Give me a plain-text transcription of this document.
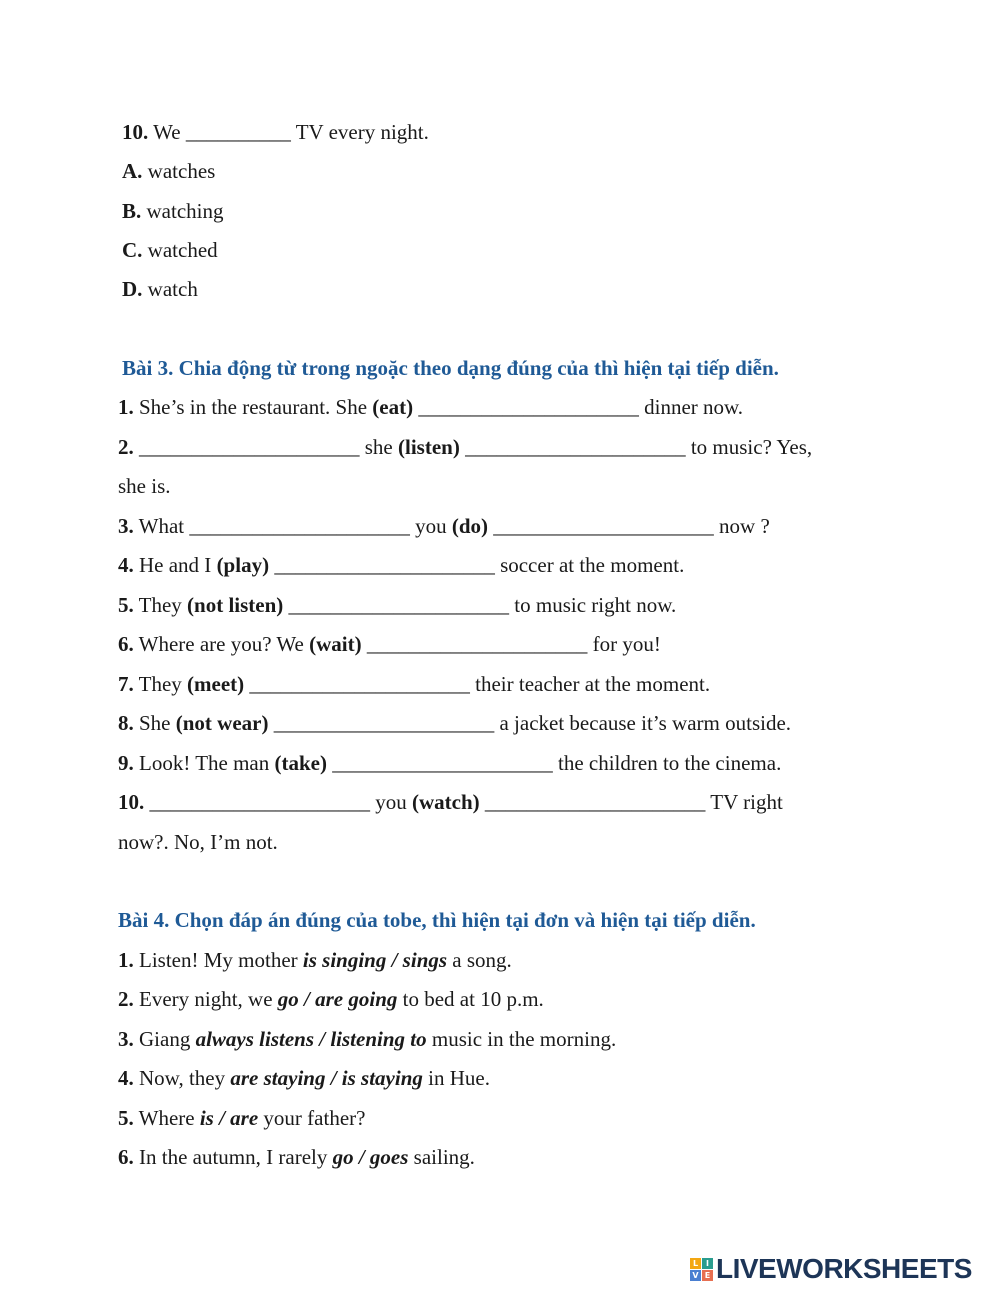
10. We __________ TV every night.
A. watches
B. watching
C. watched
D. watch
Bài 3. Chia động từ trong ngoặc theo dạng đúng của thì hiện tại tiếp diễn.
1. She’s in the restaurant. She (eat) _____________________ dinner now.
2. _____________________ she (listen) _____________________ to music? Yes,
she is.
3. What _____________________ you (do) _____________________ now ?
4. He and I (play) _____________________ soccer at the moment.
5. They (not listen) _____________________ to music right now.
6. Where are you? We (wait) _____________________ for you!
7. They (meet) _____________________ their teacher at the moment.
8. She (not wear) _____________________ a jacket because it’s warm outside.
9. Look! The man (take) _____________________ the children to the cinema.
10. _____________________ you (watch) _____________________ TV right
now?. No, I’m not.
Bài 4. Chọn đáp án đúng của tobe, thì hiện tại đơn và hiện tại tiếp diễn.
1. Listen! My mother is singing / sings a song.
2. Every night, we go / are going to bed at 10 p.m.
3. Giang always listens / listening to music in the morning.
4. Now, they are staying / is staying in Hue.
5. Where is / are your father?
6. In the autumn, I rarely go / goes sailing.
L I
V E LIVEWORKSHEETS
